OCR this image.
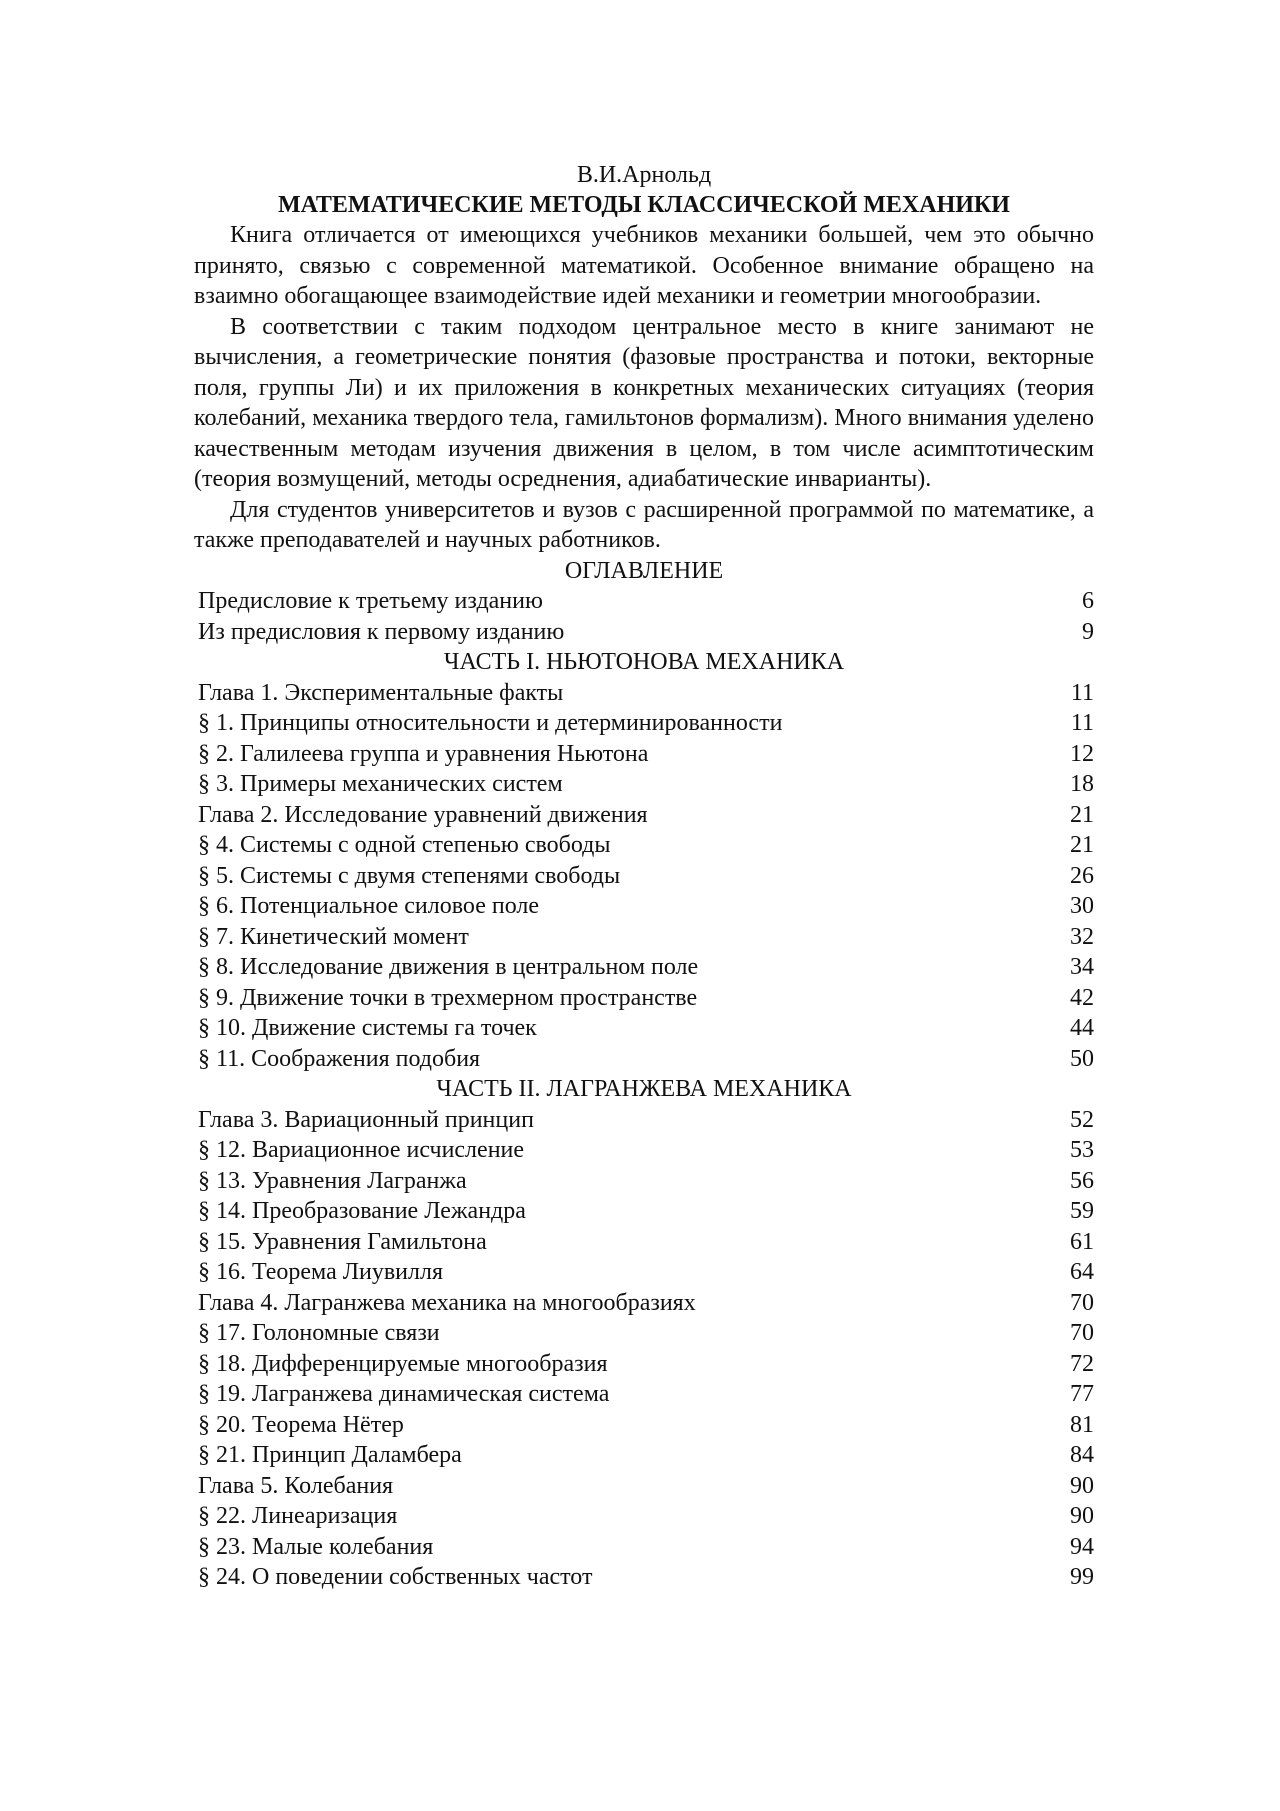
В.И.Арнольд
МАТЕМАТИЧЕСКИЕ МЕТОДЫ КЛАССИЧЕСКОЙ МЕХАНИКИ

Книга отличается от имеющихся учебников механики большей, чем это обычно принято, связью с современной математикой. Особенное внимание обращено на взаимно обогащающее взаимодействие идей механики и геометрии многообразии.

В соответствии с таким подходом центральное место в книге занимают не вычисления, а геометрические понятия (фазовые пространства и потоки, векторные поля, группы Ли) и их приложения в конкретных механических ситуациях (теория колебаний, механика твердого тела, гамильтонов формализм). Много внимания уделено качественным методам изучения движения в целом, в том числе асимптотическим (теория возмущений, методы осреднения, адиабатические инварианты).

Для студентов университетов и вузов с расширенной программой по математике, а также преподавателей и научных работников.

ОГЛАВЛЕНИЕ
Предисловие к третьему изданию	6
Из предисловия к первому изданию	9
ЧАСТЬ I. НЬЮТОНОВА МЕХАНИКА
Глава 1. Экспериментальные факты	11
§ 1. Принципы относительности и детерминированности	11
§ 2. Галилеева группа и уравнения Ньютона	12
§ 3. Примеры механических систем	18
Глава 2. Исследование уравнений движения	21
§ 4. Системы с одной степенью свободы	21
§ 5. Системы с двумя степенями свободы	26
§ 6. Потенциальное силовое поле	30
§ 7. Кинетический момент	32
§ 8. Исследование движения в центральном поле	34
§ 9. Движение точки в трехмерном пространстве	42
§ 10. Движение системы га точек	44
§ 11. Соображения подобия	50
ЧАСТЬ II. ЛАГРАНЖЕВА МЕХАНИКА
Глава 3. Вариационный принцип	52
§ 12. Вариационное исчисление	53
§ 13. Уравнения Лагранжа	56
§ 14. Преобразование Лежандра	59
§ 15. Уравнения Гамильтона	61
§ 16. Теорема Лиувилля	64
Глава 4. Лагранжева механика на многообразиях	70
§ 17. Голономные связи	70
§ 18. Дифференцируемые многообразия	72
§ 19. Лагранжева динамическая система	77
§ 20. Теорема Нётер	81
§ 21. Принцип Даламбера	84
Глава 5. Колебания	90
§ 22. Линеаризация	90
§ 23. Малые колебания	94
§ 24. О поведении собственных частот	99
